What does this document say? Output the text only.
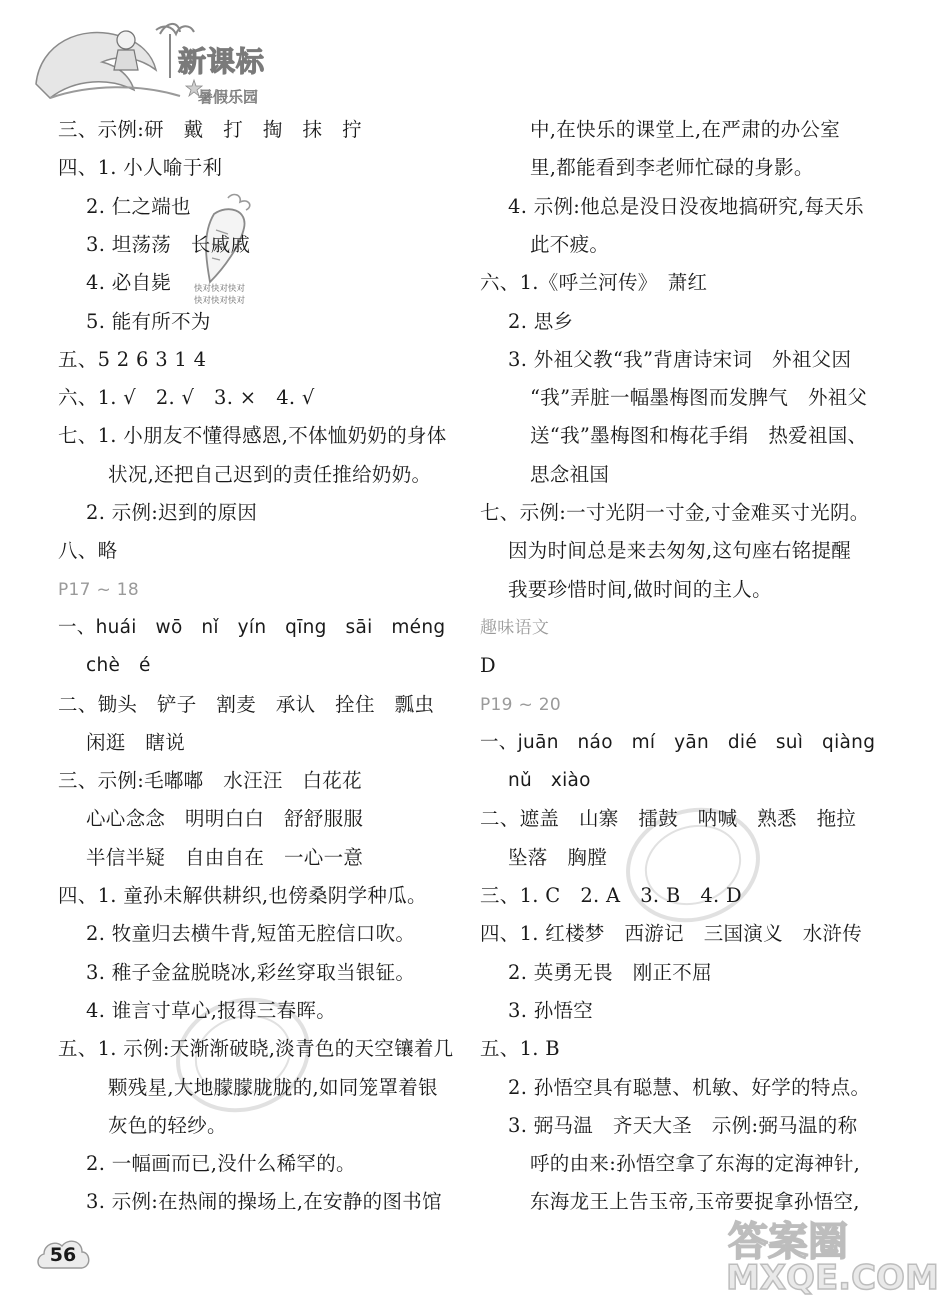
新课标
暑假乐园
快对快对快对
快对快对快对
三、示例:研　戴　打　掏　抹　拧
四、1. 小人喻于利
2. 仁之端也
3. 坦荡荡　长戚戚
4. 必自毙
5. 能有所不为
五、5 2 6 3 1 4
六、1. √　2. √　3. ×　4. √
七、1. 小朋友不懂得感恩,不体恤奶奶的身体
状况,还把自己迟到的责任推给奶奶。
2. 示例:迟到的原因
八、略
P17 ~ 18
一、huái　wō　nǐ　yín　qīng　sāi　méng
chè　é
二、锄头　铲子　割麦　承认　拴住　瓢虫
闲逛　瞎说
三、示例:毛嘟嘟　水汪汪　白花花
心心念念　明明白白　舒舒服服
半信半疑　自由自在　一心一意
四、1. 童孙未解供耕织,也傍桑阴学种瓜。
2. 牧童归去横牛背,短笛无腔信口吹。
3. 稚子金盆脱晓冰,彩丝穿取当银钲。
4. 谁言寸草心,报得三春晖。
五、1. 示例:天渐渐破晓,淡青色的天空镶着几
颗残星,大地朦朦胧胧的,如同笼罩着银
灰色的轻纱。
2. 一幅画而已,没什么稀罕的。
3. 示例:在热闹的操场上,在安静的图书馆
中,在快乐的课堂上,在严肃的办公室
里,都能看到李老师忙碌的身影。
4. 示例:他总是没日没夜地搞研究,每天乐
此不疲。
六、1.《呼兰河传》　萧红
2. 思乡
3. 外祖父教“我”背唐诗宋词　外祖父因
“我”弄脏一幅墨梅图而发脾气　外祖父
送“我”墨梅图和梅花手绢　热爱祖国、
思念祖国
七、示例:一寸光阴一寸金,寸金难买寸光阴。
因为时间总是来去匆匆,这句座右铭提醒
我要珍惜时间,做时间的主人。
趣味语文
D
P19 ~ 20
一、juān　náo　mí　yān　dié　suì　qiàng
nǔ　xiào
二、遮盖　山寨　擂鼓　呐喊　熟悉　拖拉
坠落　胸膛
三、1. C　2. A　3. B　4. D
四、1. 红楼梦　西游记　三国演义　水浒传
2. 英勇无畏　刚正不屈
3. 孙悟空
五、1. B
2. 孙悟空具有聪慧、机敏、好学的特点。
3. 弼马温　齐天大圣　示例:弼马温的称
呼的由来:孙悟空拿了东海的定海神针,
东海龙王上告玉帝,玉帝要捉拿孙悟空,
56	答案圈
MXQE.COM
